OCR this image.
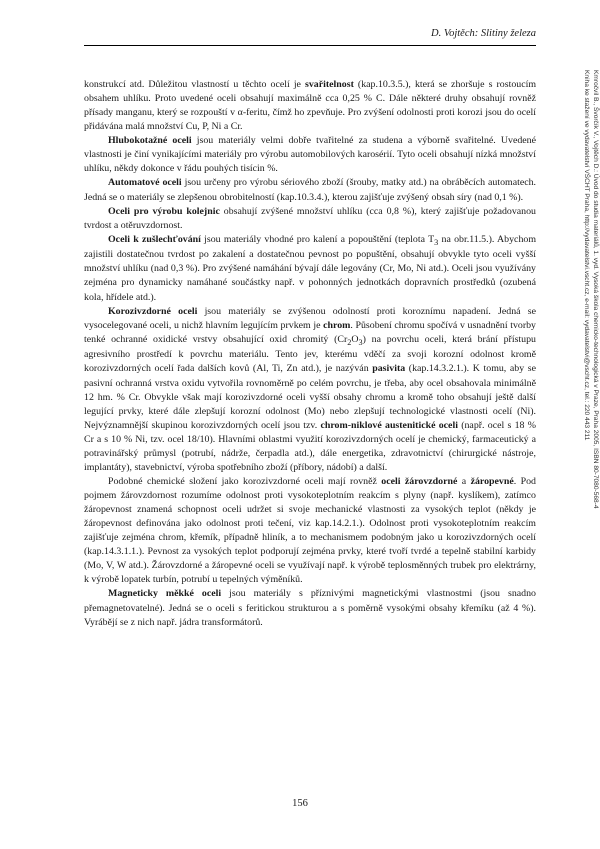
D. Vojtěch: Slitiny železa

konstrukcí atd. Důležitou vlastností u těchto ocelí je svařitelnost (kap.10.3.5.), která se zhoršuje s rostoucím obsahem uhlíku. Proto uvedené oceli obsahují maximálně cca 0,25 % C. Dále některé druhy obsahují rovněž přísady manganu, který se rozpouští v α-feritu, čímž ho zpevňuje. Pro zvýšení odolnosti proti korozi jsou do ocelí přidávána malá množství Cu, P, Ni a Cr.

Hlubokotažné oceli jsou materiály velmi dobře tvařitelné za studena a výborně svařitelné. Uvedené vlastnosti je činí vynikajícími materiály pro výrobu automobilových karosérií. Tyto oceli obsahují nízká množství uhlíku, někdy dokonce v řádu pouhých tisícin %.

Automatové oceli jsou určeny pro výrobu sériového zboží (šrouby, matky atd.) na obráběcích automatech. Jedná se o materiály se zlepšenou obrobitelností (kap.10.3.4.), kterou zajišťuje zvýšený obsah síry (nad 0,1 %).

Oceli pro výrobu kolejnic obsahují zvýšené množství uhlíku (cca 0,8 %), který zajišťuje požadovanou tvrdost a otěruvzdornost.

Oceli k zušlechťování jsou materiály vhodné pro kalení a popouštění (teplota $T_3$ na obr.11.5.). Abychom zajistili dostatečnou tvrdost po zakalení a dostatečnou pevnost po popuštění, obsahují obvykle tyto oceli vyšší množství uhlíku (nad 0,3 %). Pro zvýšené namáhání bývají dále legovány (Cr, Mo, Ni atd.). Oceli jsou využívány zejména pro dynamicky namáhané součástky např. v pohonných jednotkách dopravních prostředků (ozubená kola, hřídele atd.).

Korozivzdorné oceli jsou materiály se zvýšenou odolností proti koroznímu napadení. Jedná se vysocelegované oceli, u nichž hlavním legujícím prvkem je chrom. Působení chromu spočívá v usnadnění tvorby tenké ochranné oxidické vrstvy obsahující oxid chromitý $(Cr_2O_3)$ na povrchu oceli, která brání přístupu agresivního prostředí k povrchu materiálu. Tento jev, kterému vděčí za svoji korozní odolnost kromě korozivzdorných ocelí řada dalších kovů (Al, Ti, Zn atd.), je nazýván pasivita (kap.14.3.2.1.). K tomu, aby se pasivní ochranná vrstva oxidu vytvořila rovnoměrně po celém povrchu, je třeba, aby ocel obsahovala minimálně 12 hm. % Cr. Obvykle však mají korozivzdorné oceli vyšší obsahy chromu a kromě toho obsahují ještě další legující prvky, které dále zlepšují korozní odolnost (Mo) nebo zlepšují technologické vlastnosti ocelí (Ni). Nejvýznamnější skupinou korozivzdorných ocelí jsou tzv. chrom-niklové austenitické oceli (např. ocel s 18 % Cr a s 10 % Ni, tzv. ocel 18/10). Hlavními oblastmi využití korozivzdorných ocelí je chemický, farmaceutický a potravinářský průmysl (potrubí, nádrže, čerpadla atd.), dále energetika, zdravotnictví (chirurgické nástroje, implantáty), stavebnictví, výroba spotřebního zboží (příbory, nádobí) a další.

Podobné chemické složení jako korozivzdorné oceli mají rovněž oceli žárovzdorné a žáropevné. Pod pojmem žárovzdornost rozumíme odolnost proti vysokoteplotním reakcím s plyny (např. kyslíkem), zatímco žáropevnost znamená schopnost oceli udržet si svoje mechanické vlastnosti za vysokých teplot (někdy je žáropevnost definována jako odolnost proti tečení, viz kap.14.2.1.). Odolnost proti vysokoteplotním reakcím zajišťuje zejména chrom, křemík, případně hliník, a to mechanismem podobným jako u korozivzdorných ocelí (kap.14.3.1.1.). Pevnost za vysokých teplot podporují zejména prvky, které tvoří tvrdé a tepelně stabilní karbidy (Mo, V, W atd.). Žárovzdorné a žáropevné oceli se využívají např. k výrobě teplosměnných trubek pro elektrárny, k výrobě lopatek turbín, potrubí u tepelných výměníků.

Magneticky měkké oceli jsou materiály s příznivými magnetickými vlastnostmi (jsou snadno přemagnetovatelné). Jedná se o oceli s feritickou strukturou a s poměrně vysokými obsahy křemíku (až 4 %). Vyrábějí se z nich např. jádra transformátorů.

Kmročvil B., Švorčík V., Vojtěch D.: Úvod do studia materiálů, 1. vyd. Vysoká škola chemicko-technologická v Praze, Praha 2005, ISBN 80-7080-568-4
Kniha ke stažení ve vydavatelství VŠCHT Praha, http://vydavatelstvi.vscht.cz, e-mail: vydavatelstvi@vscht.cz, tel.: 220 443 211
156
